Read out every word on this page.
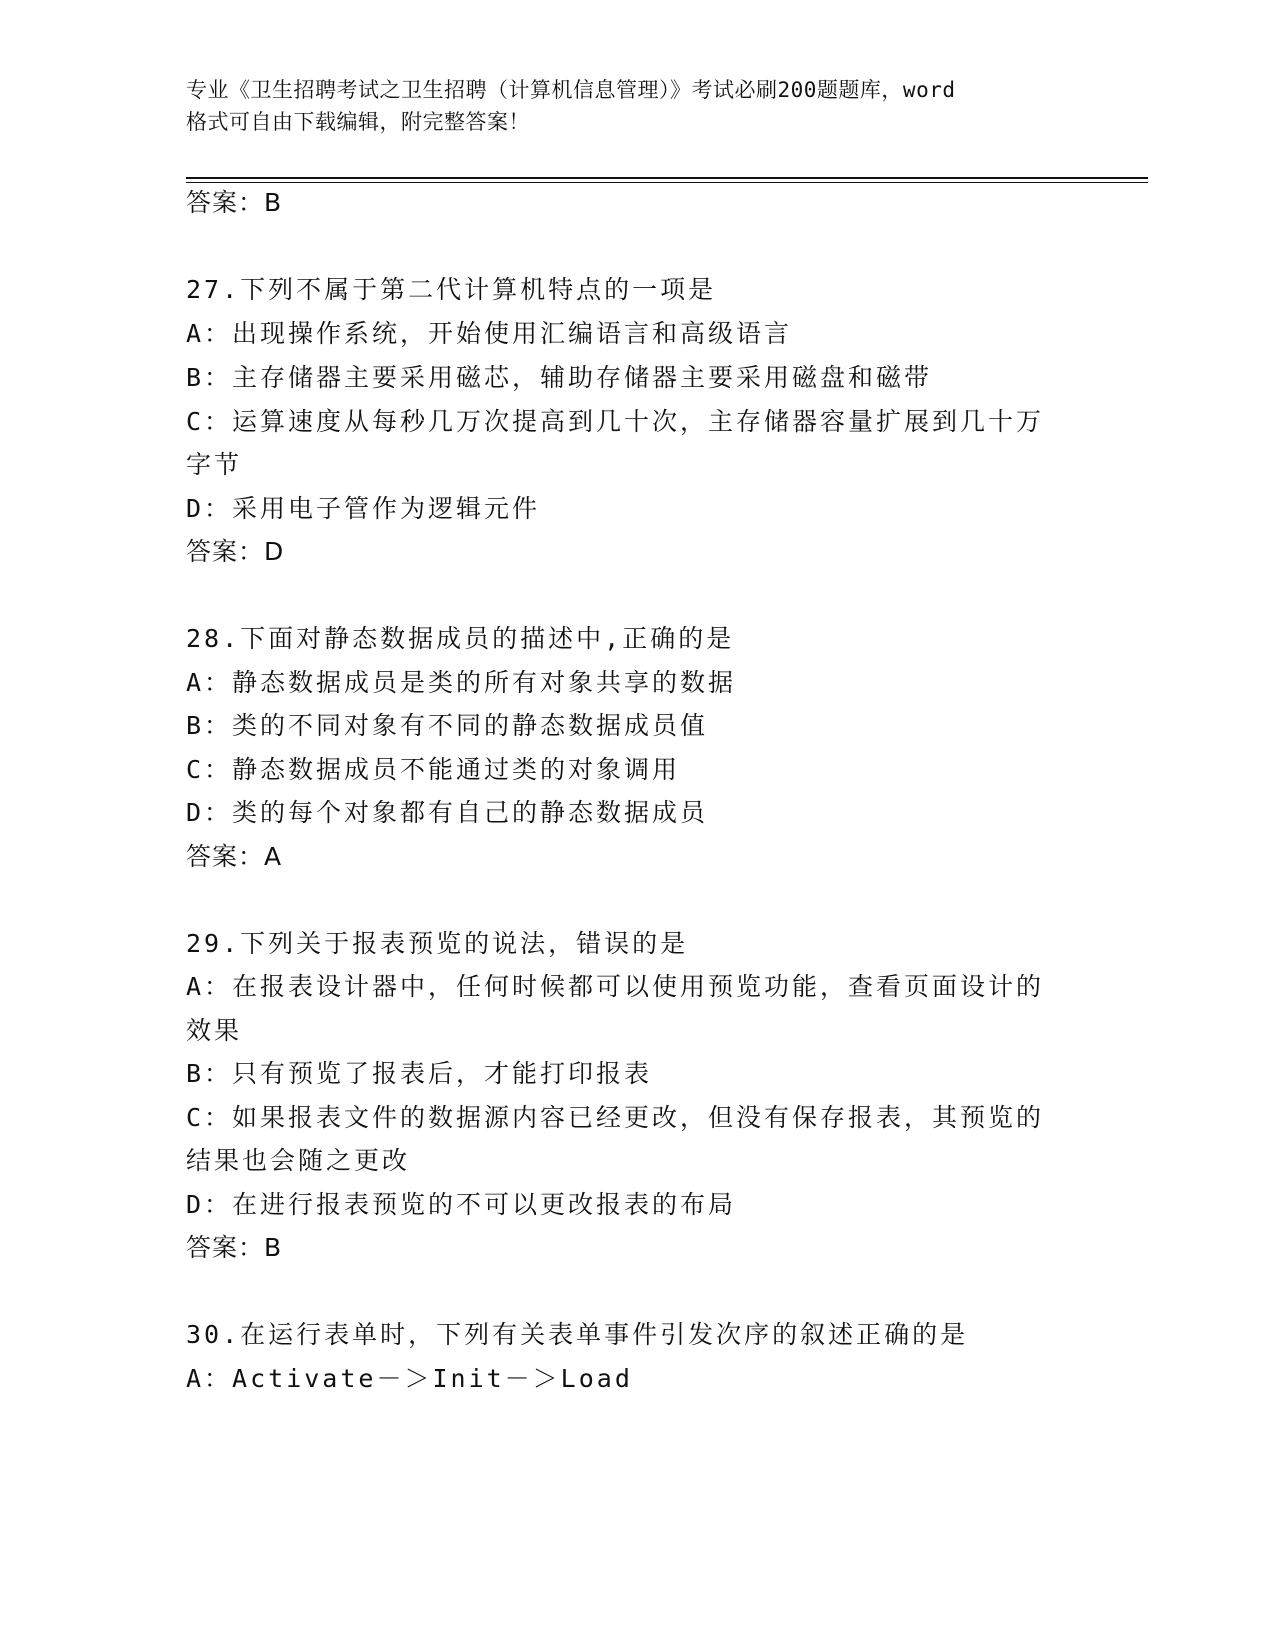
专业《卫生招聘考试之卫生招聘（计算机信息管理）》考试必刷200题题库，word
格式可自由下载编辑，附完整答案！
答案：B
27.下列不属于第二代计算机特点的一项是
A：出现操作系统，开始使用汇编语言和高级语言
B：主存储器主要采用磁芯，辅助存储器主要采用磁盘和磁带
C：运算速度从每秒几万次提高到几十次，主存储器容量扩展到几十万
字节
D：采用电子管作为逻辑元件
答案：D
28.下面对静态数据成员的描述中,正确的是
A：静态数据成员是类的所有对象共享的数据
B：类的不同对象有不同的静态数据成员值
C：静态数据成员不能通过类的对象调用
D：类的每个对象都有自己的静态数据成员
答案：A
29.下列关于报表预览的说法，错误的是
A：在报表设计器中，任何时候都可以使用预览功能，查看页面设计的
效果
B：只有预览了报表后，才能打印报表
C：如果报表文件的数据源内容已经更改，但没有保存报表，其预览的
结果也会随之更改
D：在进行报表预览的不可以更改报表的布局
答案：B
30.在运行表单时，下列有关表单事件引发次序的叙述正确的是
A：Activate－＞Init－＞Load
